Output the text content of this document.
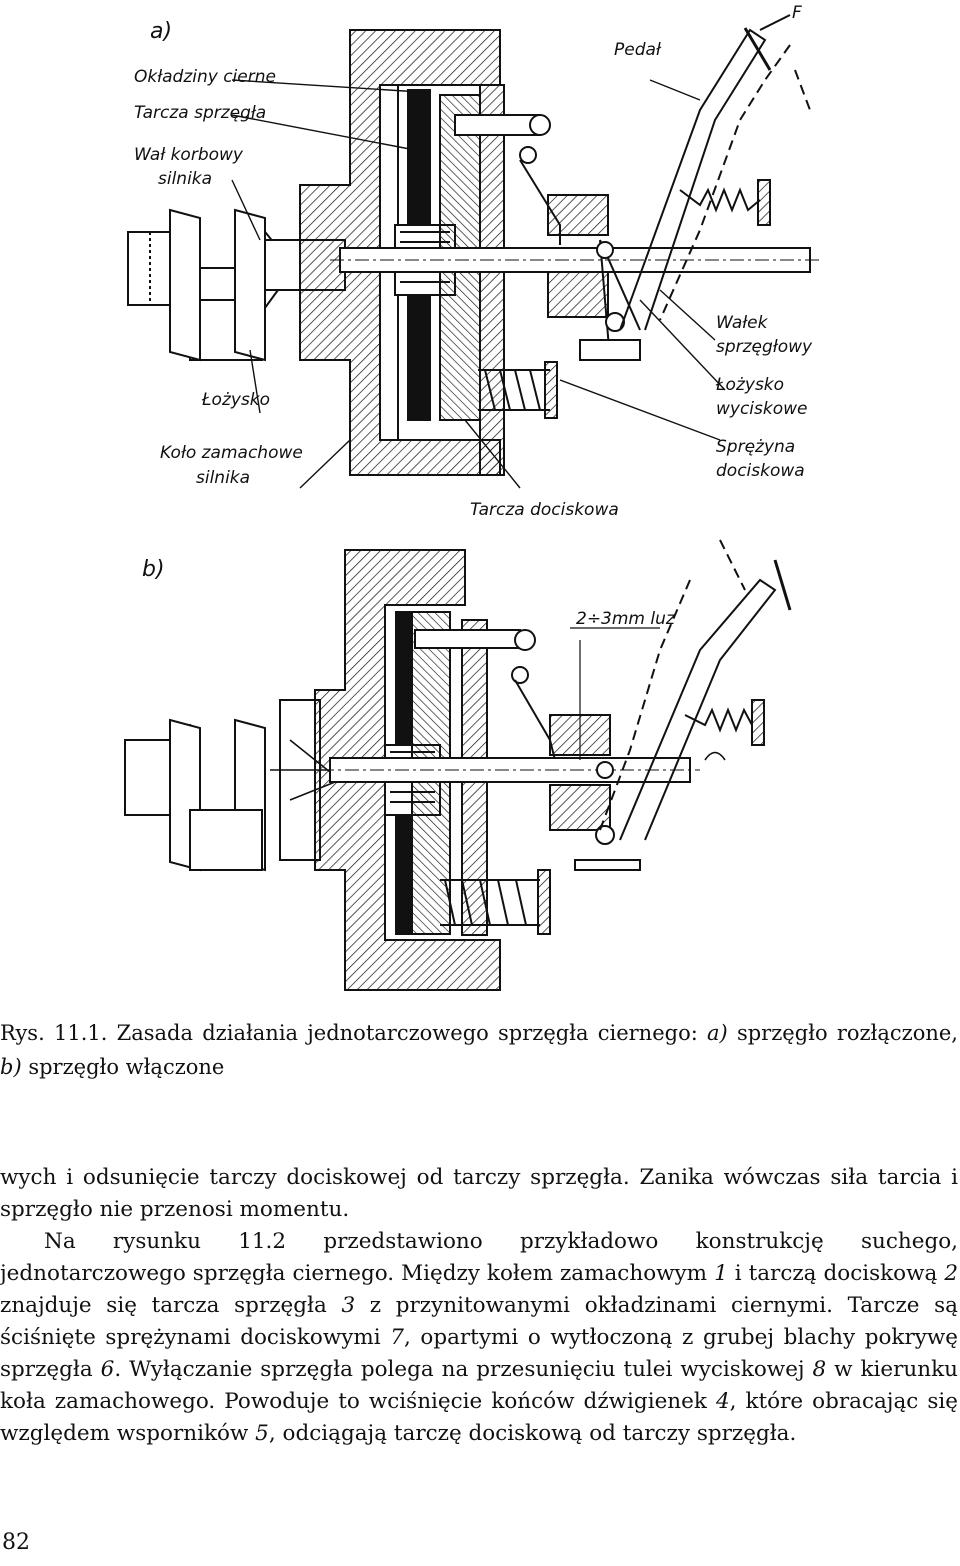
a)
b)
Okładziny cierne
Tarcza sprzęgła
Wał korbowy
silnika
Łożysko
Koło zamachowe
silnika
Tarcza dociskowa
F
Pedał
Wałek
sprzęgłowy
Łożysko
wyciskowe
Sprężyna
dociskowa
2÷3mm luz

Rys. 11.1. Zasada działania jednotarczowego sprzęgła ciernego: a) sprzęgło rozłączone, b) sprzęgło włączone

wych i odsunięcie tarczy dociskowej od tarczy sprzęgła. Zanika wówczas siła tarcia i sprzęgło nie przenosi momentu.

Na rysunku 11.2 przedstawiono przykładowo konstrukcję suchego, jednotarczowego sprzęgła ciernego. Między kołem zamachowym 1 i tarczą dociskową 2 znajduje się tarcza sprzęgła 3 z przynitowanymi okładzinami ciernymi. Tarcze są ściśnięte sprężynami dociskowymi 7, opartymi o wytłoczoną z grubej blachy pokrywę sprzęgła 6. Wyłączanie sprzęgła polega na przesunięciu tulei wyciskowej 8 w kierunku koła zamachowego. Powoduje to wciśnięcie końców dźwigienek 4, które obracając się względem wsporników 5, odciągają tarczę dociskową od tarczy sprzęgła.

82
